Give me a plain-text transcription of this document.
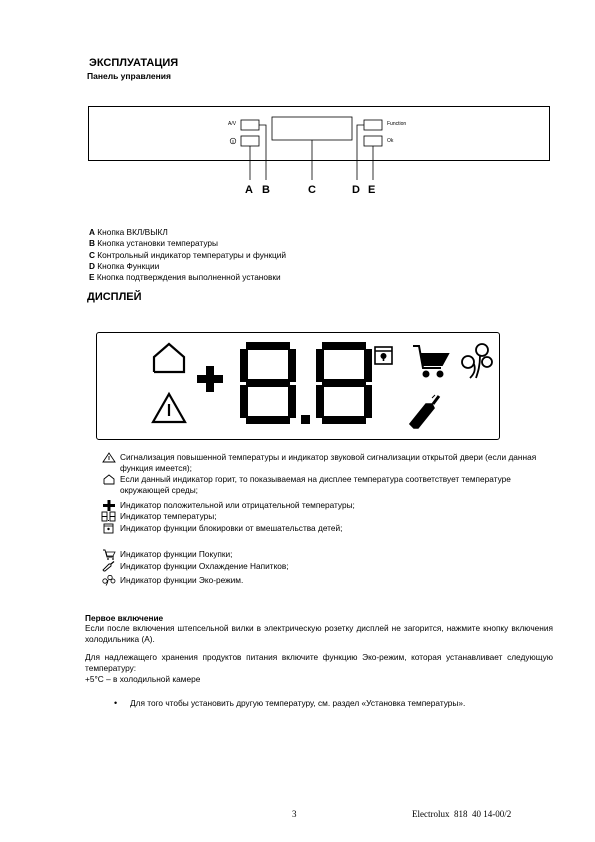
ЭКСПЛУАТАЦИЯ
Панель управления
A/V	Function
Ok
A B	C	D E
A Кнопка ВКЛ/ВЫКЛ
B Кнопка установки температуры
C Контрольный индикатор температуры и функций
D Кнопка Функции
E Кнопка подтверждения выполненной установки
ДИСПЛЕЙ
Сигнализация повышенной температуры и индикатор звуковой сигнализации открытой двери (если данная функция имеется);
Если данный индикатор горит, то показываемая на дисплее температура соответствует температуре окружающей среды;
Индикатор положительной или отрицательной температуры;
Индикатор температуры;
Индикатор функции блокировки от вмешательства детей;
Индикатор функции Покупки;
Индикатор функции Охлаждение Напитков;
Индикатор функции Эко-режим.
Первое включение
Если после включения штепсельной вилки в электрическую розетку дисплей не загорится, нажмите кнопку включения холодильника (A).
Для надлежащего хранения продуктов питания включите функцию Эко-режим, которая устанавливает следующую температуру:
+5°C – в холодильной камере
• Для того чтобы установить другую температуру, см. раздел «Установка температуры».
3	Electrolux  818  40 14-00/2
